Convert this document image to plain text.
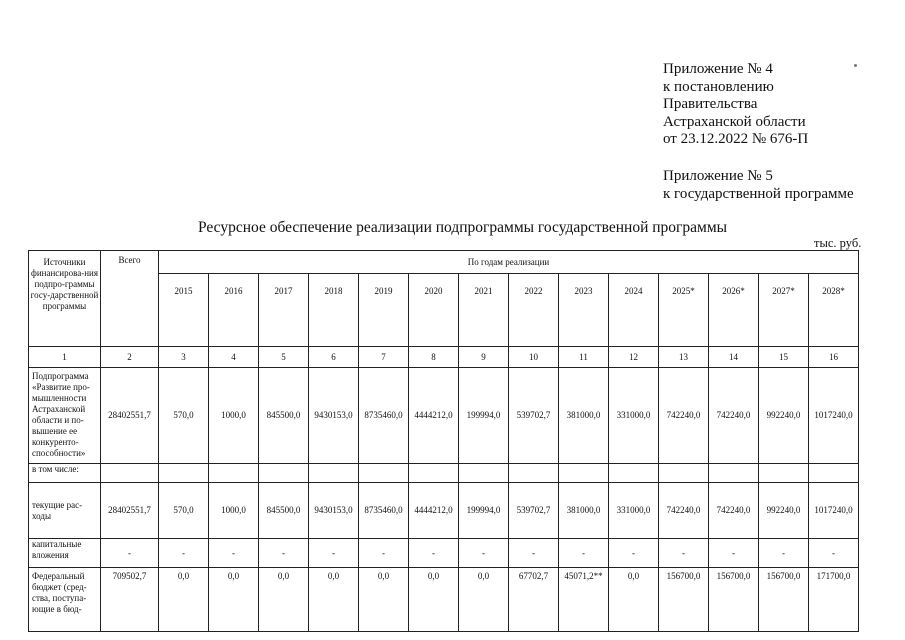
Приложение № 4
к постановлению
Правительства
Астраханской области
от 23.12.2022 № 676-П
Приложение № 5
к государственной программе
Ресурсное обеспечение реализации подпрограммы государственной программы
тыс. руб.
Источники финансирова-ния подпро-граммы госу-дарственной программы	Всего	По годам реализации													
		2015	2016	2017	2018	2019	2020	2021	2022	2023	2024	2025*	2026*	2027*	2028*
1	2	3	4	5	6	7	8	9	10	11	12	13	14	15	16
Подпрограмма «Развитие про-мышленности Астраханской области и по-вышение ее конкуренто-способности»	28402551,7	570,0	1000,0	845500,0	9430153,0	8735460,0	4444212,0	199994,0	539702,7	381000,0	331000,0	742240,0	742240,0	992240,0	1017240,0
в том числе:															
текущие рас-ходы	28402551,7	570,0	1000,0	845500,0	9430153,0	8735460,0	4444212,0	199994,0	539702,7	381000,0	331000,0	742240,0	742240,0	992240,0	1017240,0
капитальные вложения	-	-	-	-	-	-	-	-	-	-	-	-	-	-	-
Федеральный бюджет (сред-ства, поступа-ющие в бюд-	709502,7	0,0	0,0	0,0	0,0	0,0	0,0	0,0	67702,7	45071,2**	0,0	156700,0	156700,0	156700,0	171700,0
